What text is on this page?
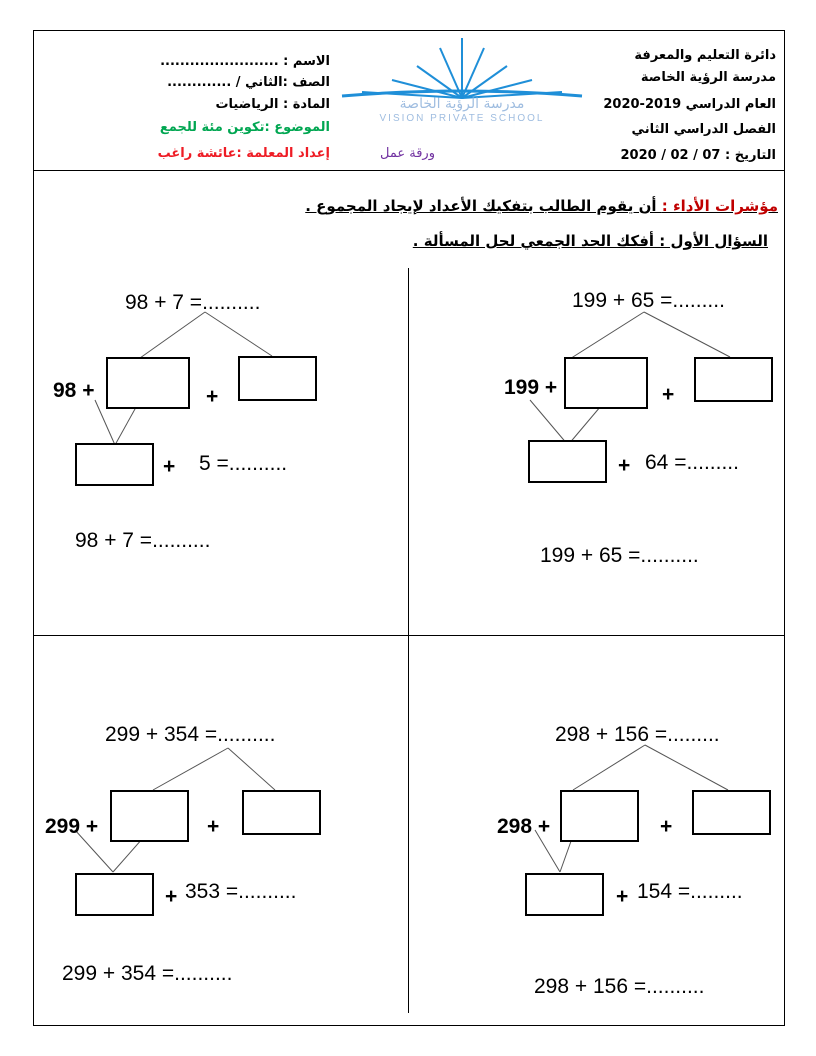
دائرة التعليم والمعرفة
مدرسة الرؤية الخاصة
العام الدراسي 2019-2020
الفصل الدراسي الثاني
التاريخ : 07 / 02 / 2020
الاسم : ........................
الصف :الثاني / .............
المادة : الرياضيات
الموضوع :تكوين مئة للجمع
إعداد المعلمة :عائشة راغب	ورقة عمل
مدرسة الرؤية الخاصة
VISION PRIVATE SCHOOL
مؤشرات الأداء : أن يقوم الطالب بتفكيك الأعداد لإيجاد المجموع .
السؤال الأول : أفكك الحد الجمعي لحل المسألة .
199 + 65 =.........
199 +	+
+ 64 =.........
199 + 65 =..........
98 + 7 =..........
98 +	+
+ 5 =..........
98 + 7 =..........
298 + 156 =.........
298 +	+
+ 154 =.........
298 + 156 =..........
299 + 354 =..........
299 +	+
+ 353 =..........
299 + 354 =..........
